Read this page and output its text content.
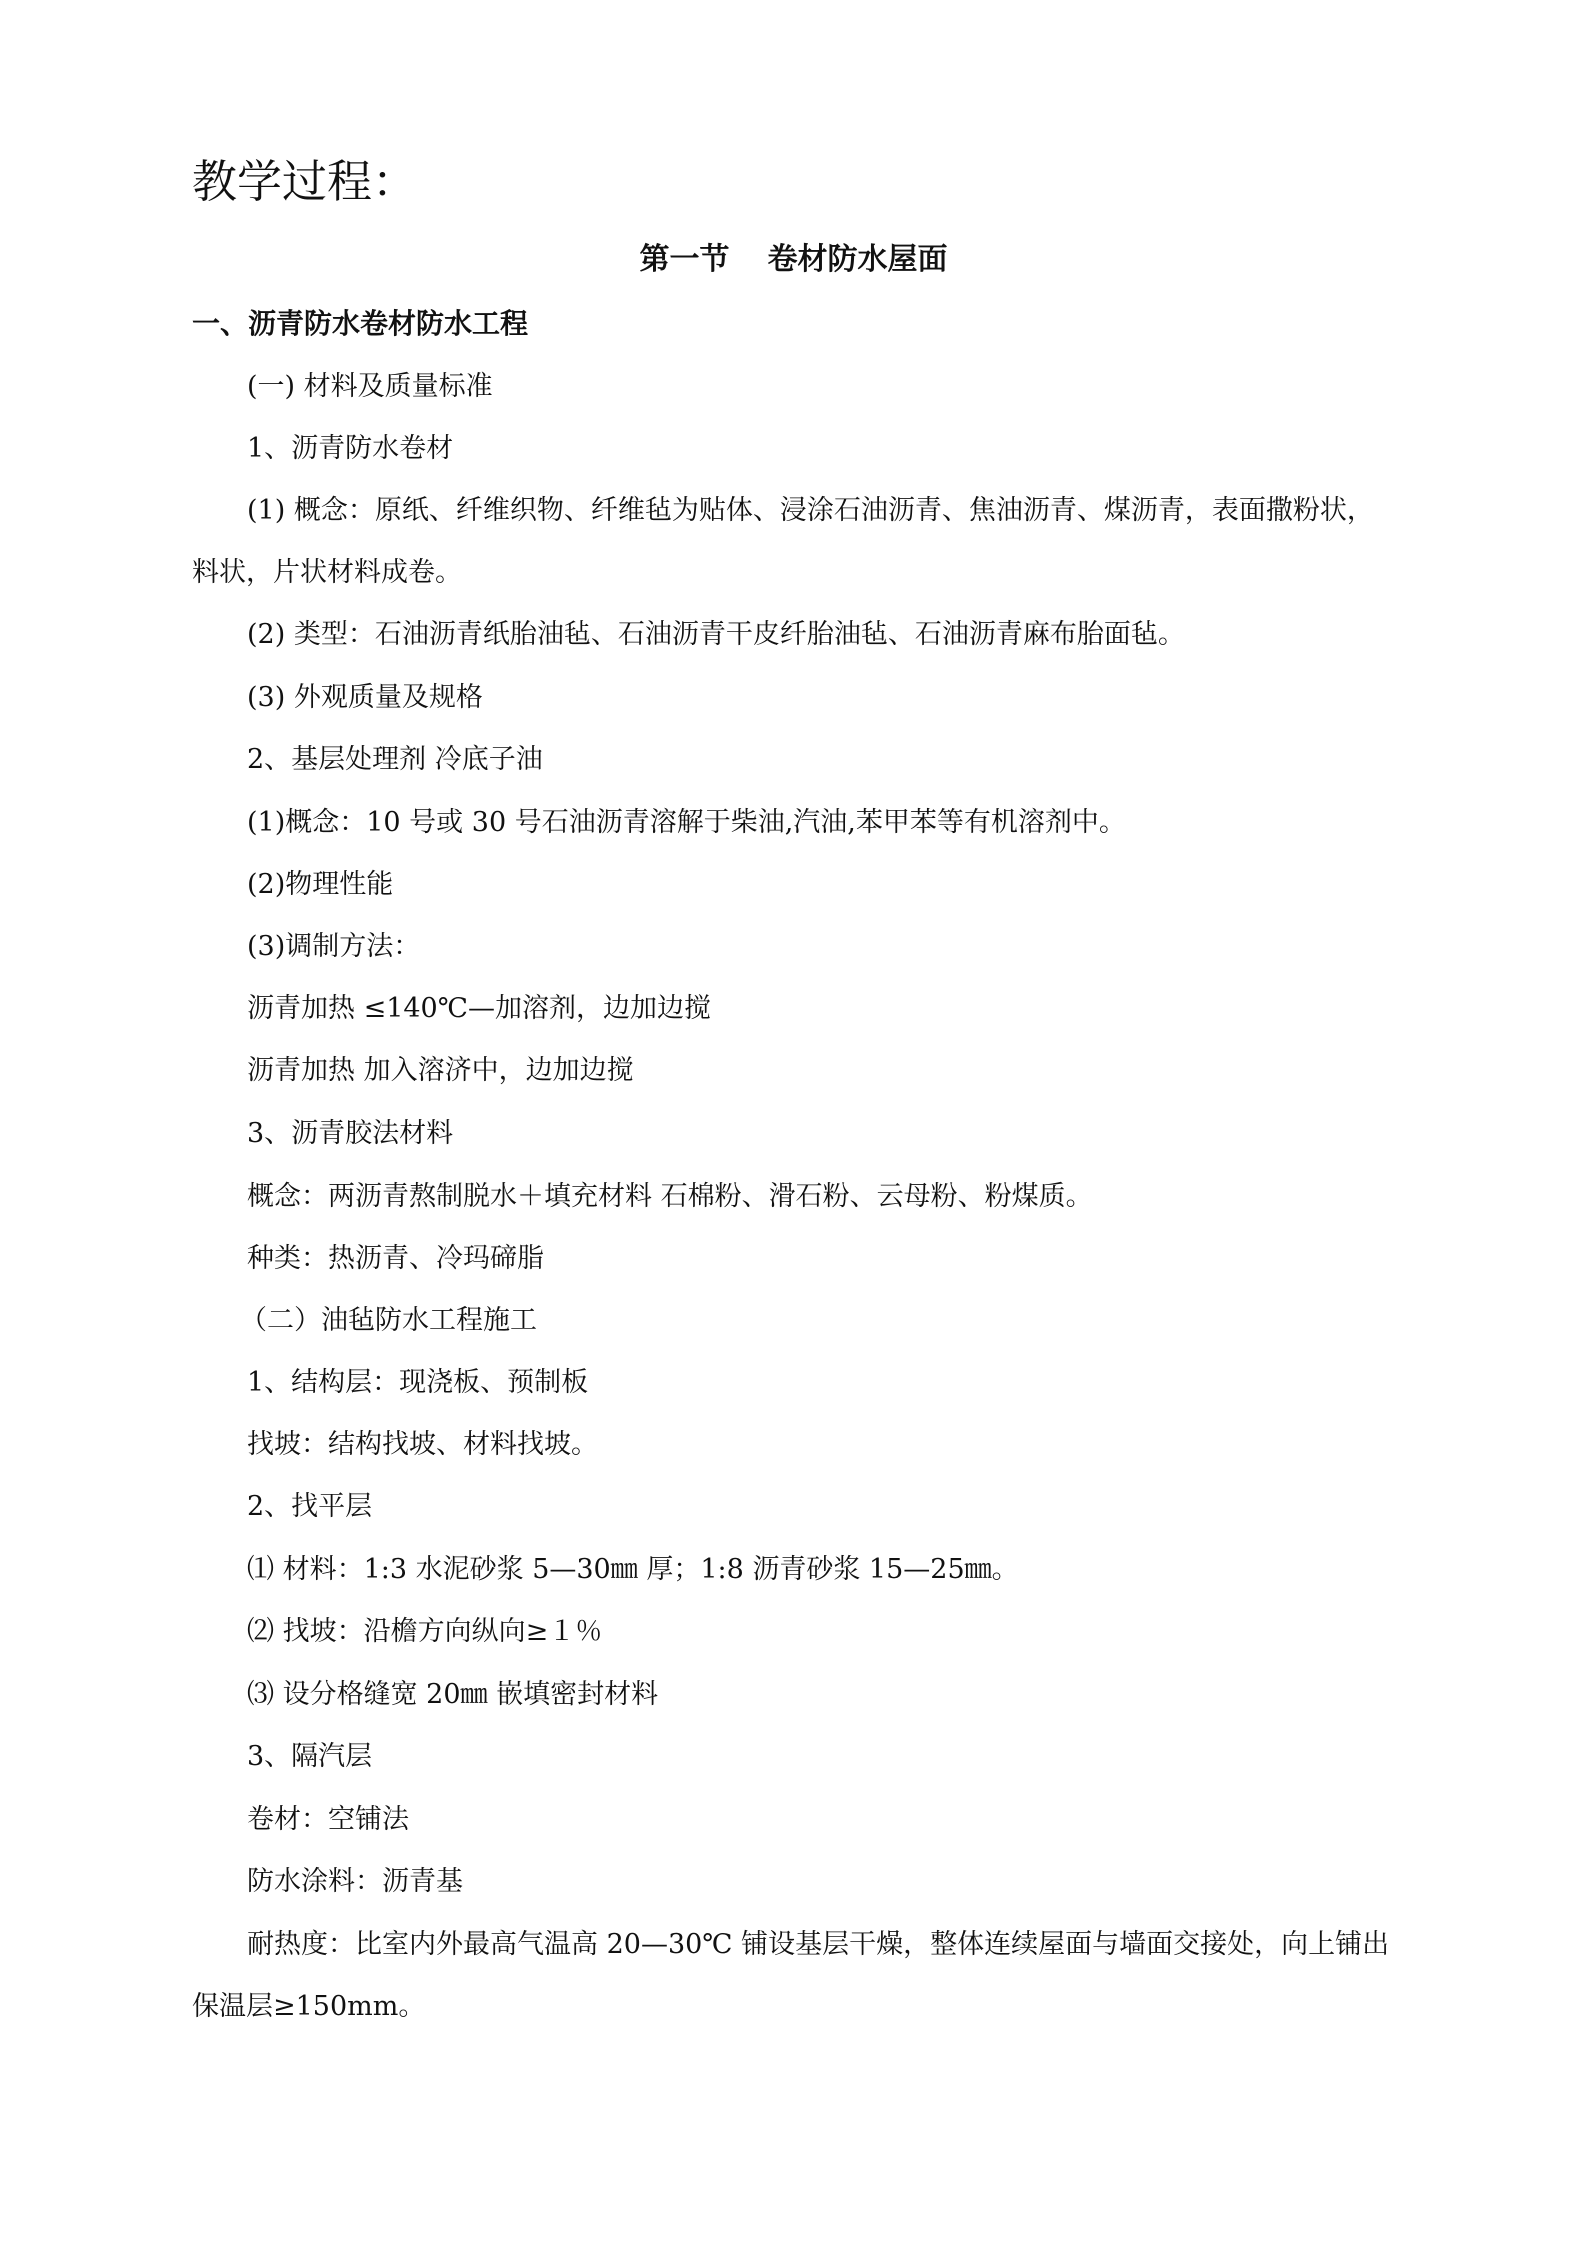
教学过程：
第一节 卷材防水屋面
一、沥青防水卷材防水工程
(一) 材料及质量标准
1、沥青防水卷材
(1) 概念：原纸、纤维织物、纤维毡为贴体、浸涂石油沥青、焦油沥青、煤沥青，表面撒粉状，
料状，片状材料成卷。
(2) 类型：石油沥青纸胎油毡、石油沥青干皮纤胎油毡、石油沥青麻布胎面毡。
(3) 外观质量及规格
2、基层处理剂 冷底子油
(1)概念：10 号或 30 号石油沥青溶解于柴油,汽油,苯甲苯等有机溶剂中。
(2)物理性能
(3)调制方法：
沥青加热 ≤140℃—加溶剂，边加边搅
沥青加热 加入溶济中，边加边搅
3、沥青胶法材料
概念：两沥青熬制脱水＋填充材料 石棉粉、滑石粉、云母粉、粉煤质。
种类：热沥青、冷玛碲脂
（二）油毡防水工程施工
1、结构层：现浇板、预制板
找坡：结构找坡、材料找坡。
2、找平层
⑴ 材料：1:3 水泥砂浆 5—30㎜ 厚；1:8 沥青砂浆 15—25㎜。
⑵ 找坡：沿檐方向纵向≥１％
⑶ 设分格缝宽 20㎜ 嵌填密封材料
3、隔汽层
卷材：空铺法
防水涂料：沥青基
耐热度：比室内外最高气温高 20—30℃ 铺设基层干燥，整体连续屋面与墙面交接处，向上铺出
保温层≥150mm。
